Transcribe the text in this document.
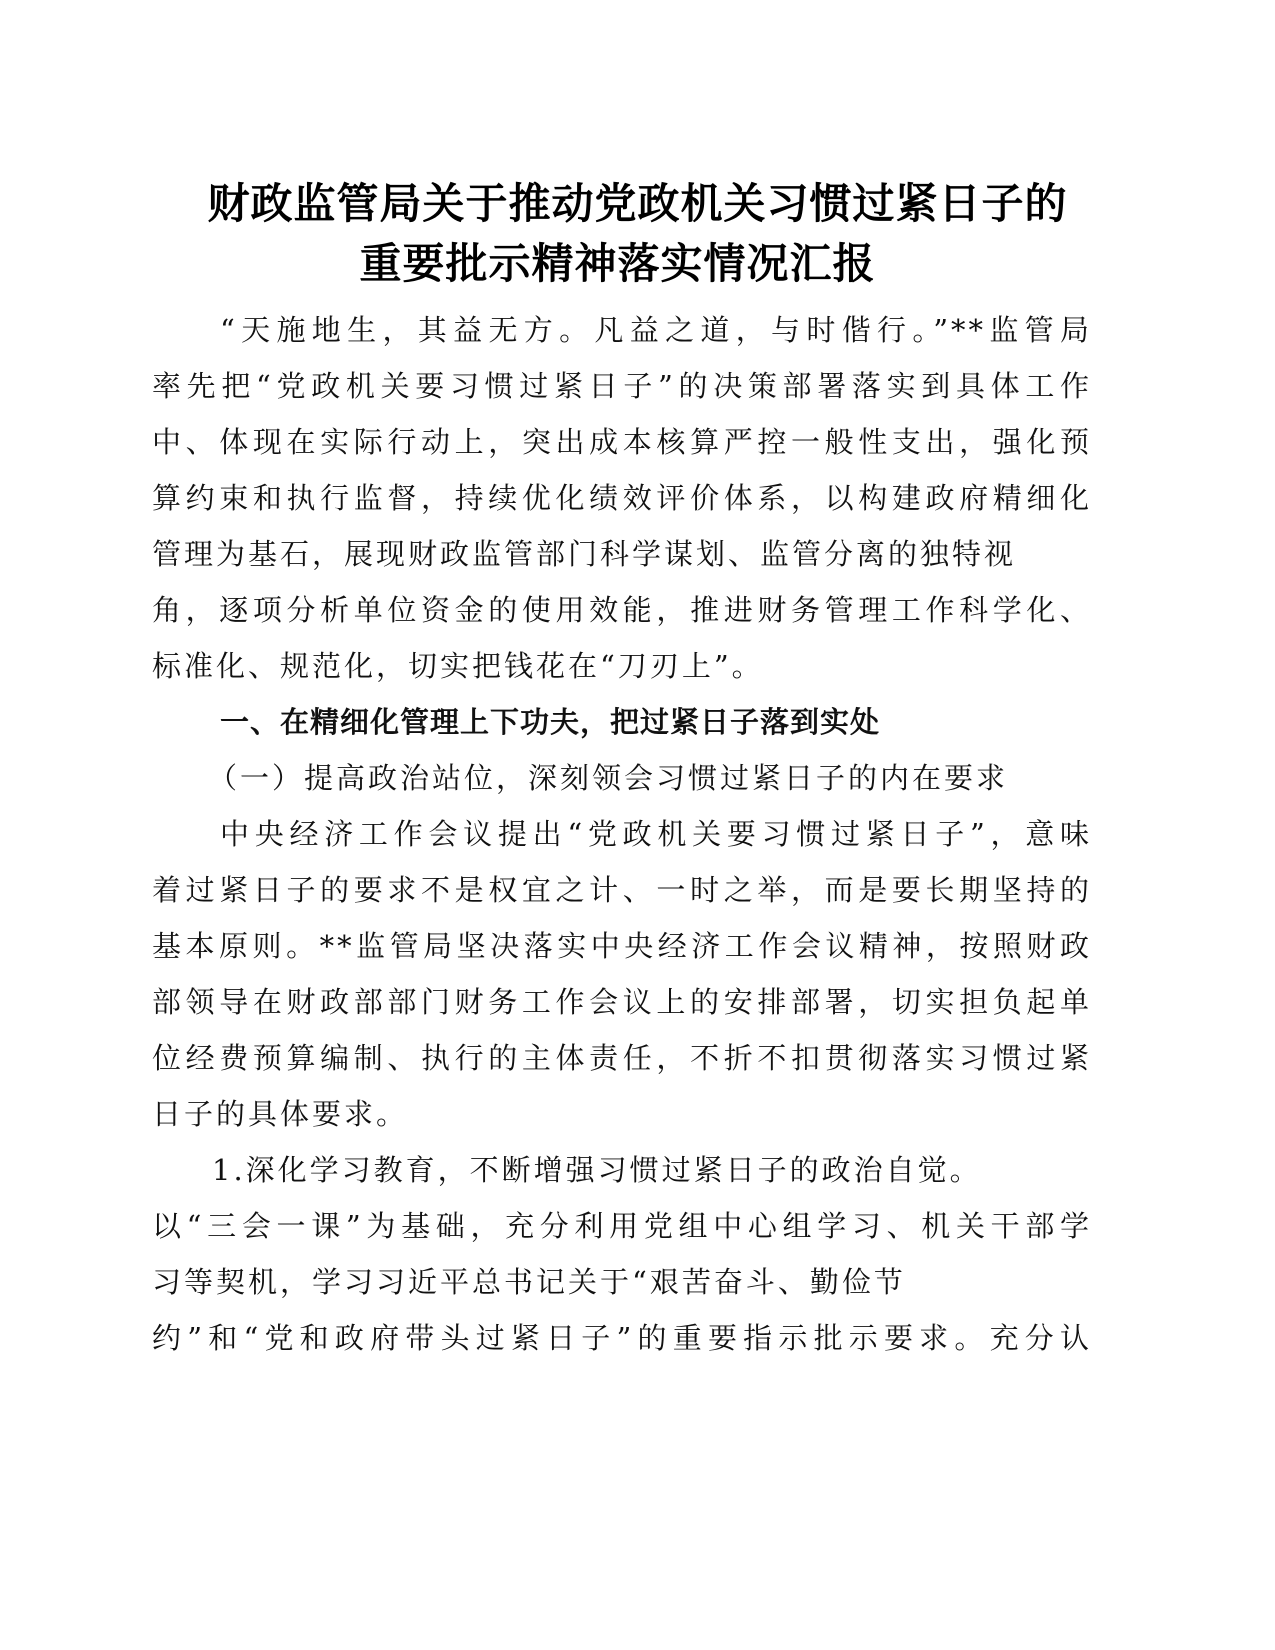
财政监管局关于推动党政机关习惯过紧日子的
重要批示精神落实情况汇报
“天施地生，其益无方。凡益之道，与时偕行。”**监管局
率先把“党政机关要习惯过紧日子”的决策部署落实到具体工作
中、体现在实际行动上，突出成本核算严控一般性支出，强化预
算约束和执行监督，持续优化绩效评价体系，以构建政府精细化
管理为基石，展现财政监管部门科学谋划、监管分离的独特视
角，逐项分析单位资金的使用效能，推进财务管理工作科学化、
标准化、规范化，切实把钱花在“刀刃上”。
一、在精细化管理上下功夫，把过紧日子落到实处
（一）提高政治站位，深刻领会习惯过紧日子的内在要求
中央经济工作会议提出“党政机关要习惯过紧日子”，意味
着过紧日子的要求不是权宜之计、一时之举，而是要长期坚持的
基本原则。**监管局坚决落实中央经济工作会议精神，按照财政
部领导在财政部部门财务工作会议上的安排部署，切实担负起单
位经费预算编制、执行的主体责任，不折不扣贯彻落实习惯过紧
日子的具体要求。
1.深化学习教育，不断增强习惯过紧日子的政治自觉。
以“三会一课”为基础，充分利用党组中心组学习、机关干部学
习等契机，学习习近平总书记关于“艰苦奋斗、勤俭节
约”和“党和政府带头过紧日子”的重要指示批示要求。充分认
